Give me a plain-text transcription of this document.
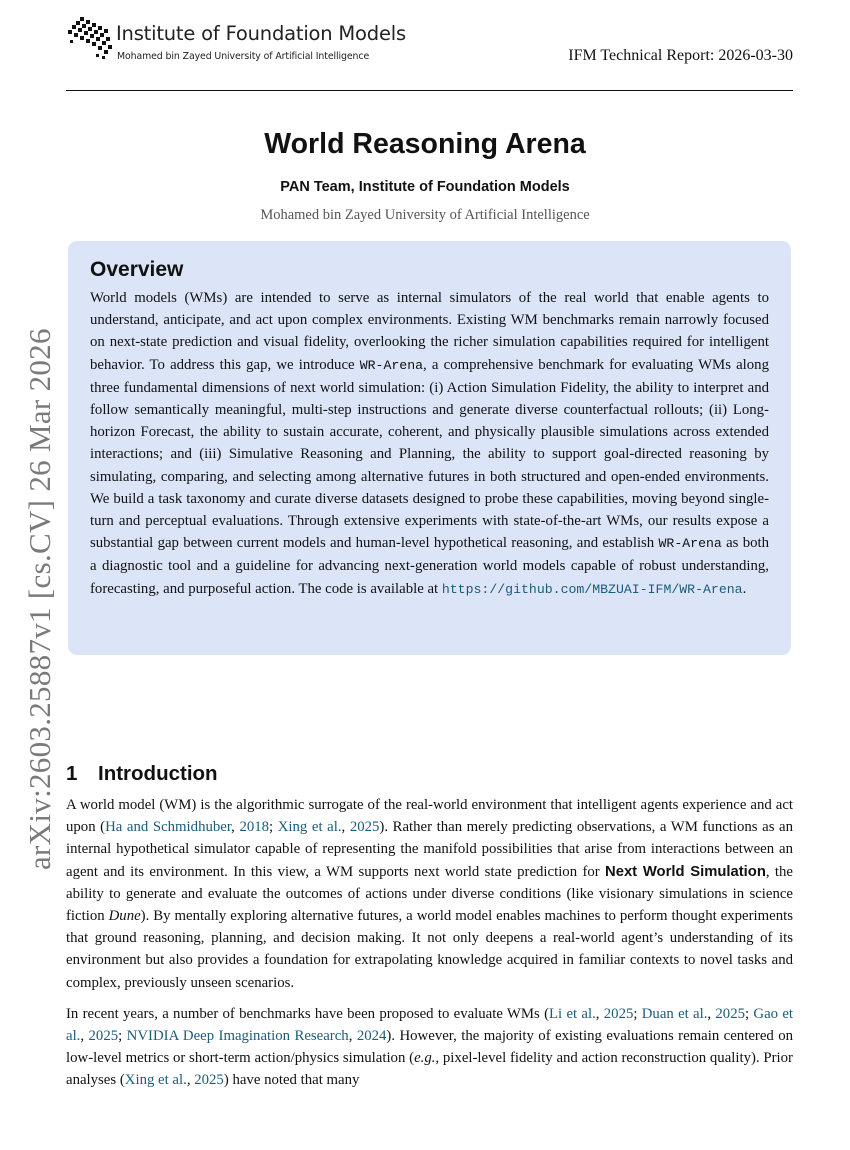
Institute of Foundation Models
Mohamed bin Zayed University of Artificial Intelligence	IFM Technical Report: 2026-03-30
arXiv:2603.25887v1 [cs.CV] 26 Mar 2026
World Reasoning Arena
PAN Team, Institute of Foundation Models
Mohamed bin Zayed University of Artificial Intelligence
Overview

World models (WMs) are intended to serve as internal simulators of the real world that enable agents to understand, anticipate, and act upon complex environments. Existing WM benchmarks remain narrowly focused on next-state prediction and visual fidelity, overlooking the richer simulation capabilities required for intelligent behavior. To address this gap, we introduce WR-Arena, a comprehensive benchmark for evaluating WMs along three fundamental dimensions of next world simulation: (i) Action Simulation Fidelity, the ability to interpret and follow semantically meaningful, multi-step instructions and generate diverse counterfactual rollouts; (ii) Long-horizon Forecast, the ability to sustain accurate, coherent, and physically plausible simulations across extended interactions; and (iii) Simulative Reasoning and Planning, the ability to support goal-directed reasoning by simulating, comparing, and selecting among alternative futures in both structured and open-ended environments. We build a task taxonomy and curate diverse datasets designed to probe these capabilities, moving beyond single-turn and perceptual evaluations. Through extensive experiments with state-of-the-art WMs, our results expose a substantial gap between current models and human-level hypothetical reasoning, and establish WR-Arena as both a diagnostic tool and a guideline for advancing next-generation world models capable of robust understanding, forecasting, and purposeful action. The code is available at https://github.com/MBZUAI-IFM/WR-Arena.

1 Introduction

A world model (WM) is the algorithmic surrogate of the real-world environment that intelligent agents experience and act upon (Ha and Schmidhuber, 2018; Xing et al., 2025). Rather than merely predicting observations, a WM functions as an internal hypothetical simulator capable of representing the manifold possibilities that arise from interactions between an agent and its environment. In this view, a WM supports next world state prediction for Next World Simulation, the ability to generate and evaluate the outcomes of actions under diverse conditions (like visionary simulations in science fiction Dune). By mentally exploring alternative futures, a world model enables machines to perform thought experiments that ground reasoning, planning, and decision making. It not only deepens a real-world agent’s understanding of its environment but also provides a foundation for extrapolating knowledge acquired in familiar contexts to novel tasks and complex, previously unseen scenarios.

In recent years, a number of benchmarks have been proposed to evaluate WMs (Li et al., 2025; Duan et al., 2025; Gao et al., 2025; NVIDIA Deep Imagination Research, 2024). However, the majority of existing evaluations remain centered on low-level metrics or short-term action/physics simulation (e.g., pixel-level fidelity and action reconstruction quality). Prior analyses (Xing et al., 2025) have noted that many
